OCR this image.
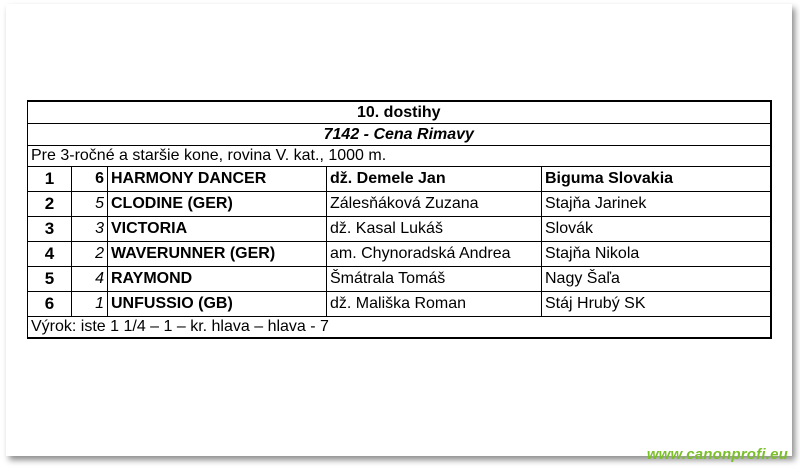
10. dostihy				
7142 - Cena Rimavy				
Pre 3-ročné a staršie kone, rovina V. kat., 1000 m.				
1	6	HARMONY DANCER	dž. Demele Jan	Biguma Slovakia
2	5	CLODINE (GER)	Zálesňáková Zuzana	Stajňa Jarinek
3	3	VICTORIA	dž. Kasal Lukáš	Slovák
4	2	WAVERUNNER (GER)	am. Chynoradská Andrea	Stajňa Nikola
5	4	RAYMOND	Šmátrala Tomáš	Nagy Šaľa
6	1	UNFUSSIO (GB)	dž. Mališka Roman	Stáj Hrubý SK
Výrok: iste 1 1/4 – 1 – kr. hlava – hlava - 7				
www.canonprofi.eu
